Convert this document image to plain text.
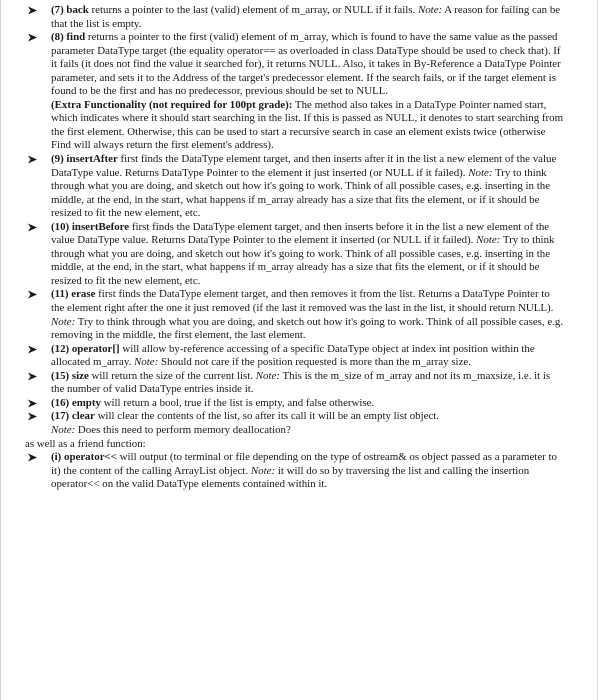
(7) back returns a pointer to the last (valid) element of m_array, or NULL if it fails. Note: A reason for failing can be that the list is empty.
(8) find returns a pointer to the first (valid) element of m_array, which is found to have the same value as the passed parameter DataType target (the equality operator== as overloaded in class DataType should be used to check that). If it fails (it does not find the value it searched for), it returns NULL. Also, it takes in By-Reference a DataType Pointer parameter, and sets it to the Address of the target's predecessor element. If the search fails, or if the target element is found to be the first and has no predecessor, previous should be set to NULL.
(Extra Functionality (not required for 100pt grade): The method also takes in a DataType Pointer named start, which indicates where it should start searching in the list. If this is passed as NULL, it denotes to start searching from the first element. Otherwise, this can be used to start a recursive search in case an element exists twice (otherwise Find will always return the first element's address).
(9) insertAfter first finds the DataType element target, and then inserts after it in the list a new element of the value DataType value. Returns DataType Pointer to the element it just inserted (or NULL if it failed). Note: Try to think through what you are doing, and sketch out how it's going to work. Think of all possible cases, e.g. inserting in the middle, at the end, in the start, what happens if m_array already has a size that fits the element, or if it should be resized to fit the new element, etc.
(10) insertBefore first finds the DataType element target, and then inserts before it in the list a new element of the value DataType value. Returns DataType Pointer to the element it inserted (or NULL if it failed). Note: Try to think through what you are doing, and sketch out how it's going to work. Think of all possible cases, e.g. inserting in the middle, at the end, in the start, what happens if m_array already has a size that fits the element, or if it should be resized to fit the new element, etc.
(11) erase first finds the DataType element target, and then removes it from the list. Returns a DataType Pointer to the element right after the one it just removed (if the last it removed was the last in the list, it should return NULL). Note: Try to think through what you are doing, and sketch out how it's going to work. Think of all possible cases, e.g. removing in the middle, the first element, the last element.
(12) operator[] will allow by-reference accessing of a specific DataType object at index int position within the allocated m_array. Note: Should not care if the position requested is more than the m_array size.
(15) size will return the size of the current list. Note: This is the m_size of m_array and not its m_maxsize, i.e. it is the number of valid DataType entries inside it.
(16) empty will return a bool, true if the list is empty, and false otherwise.
(17) clear will clear the contents of the list, so after its call it will be an empty list object.
Note: Does this need to perform memory deallocation?
as well as a friend function:
(i) operator<< will output (to terminal or file depending on the type of ostream& os object passed as a parameter to it) the content of the calling ArrayList object. Note: it will do so by traversing the list and calling the insertion operator<< on the valid DataType elements contained within it.
